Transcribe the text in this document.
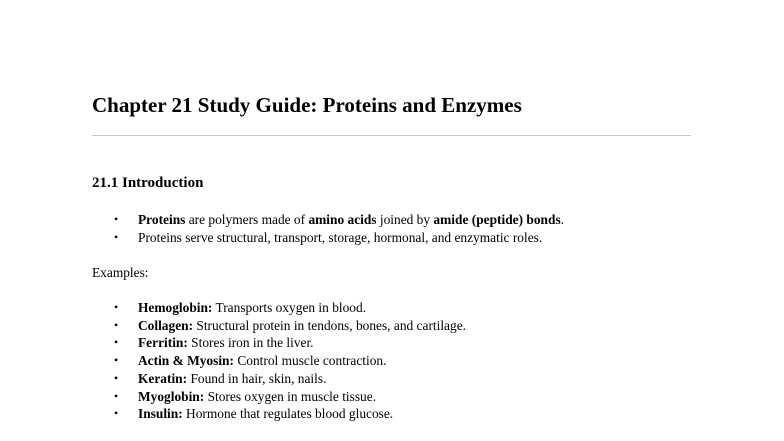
Chapter 21 Study Guide: Proteins and Enzymes
21.1 Introduction
• Proteins are polymers made of amino acids joined by amide (peptide) bonds.
• Proteins serve structural, transport, storage, hormonal, and enzymatic roles.

Examples:

• Hemoglobin: Transports oxygen in blood.
• Collagen: Structural protein in tendons, bones, and cartilage.
• Ferritin: Stores iron in the liver.
• Actin & Myosin: Control muscle contraction.
• Keratin: Found in hair, skin, nails.
• Myoglobin: Stores oxygen in muscle tissue.
• Insulin: Hormone that regulates blood glucose.
